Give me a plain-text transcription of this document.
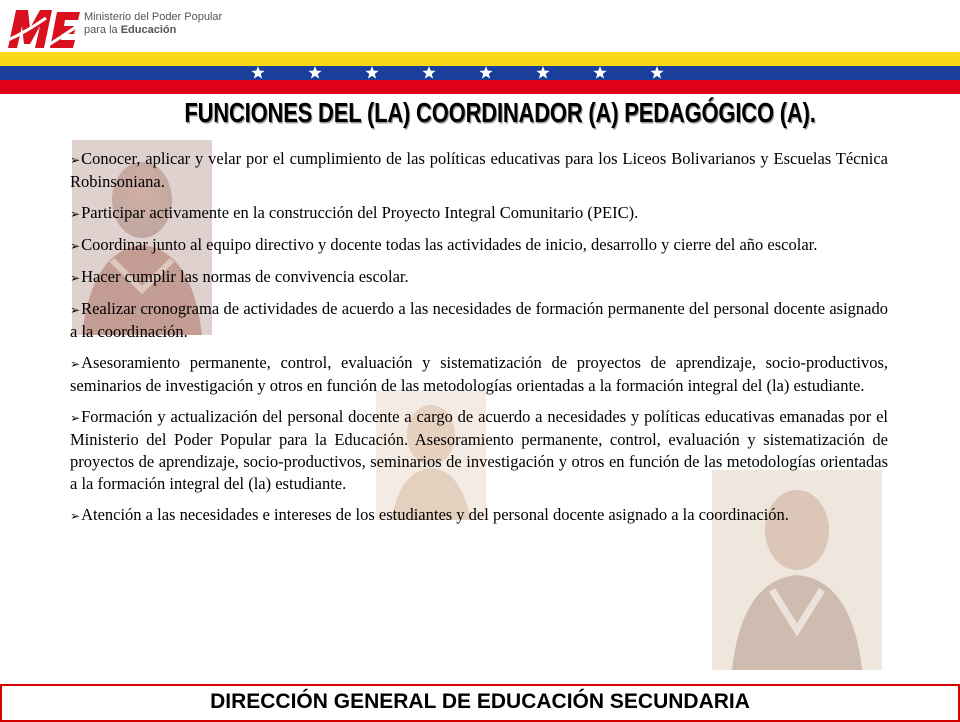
Ministerio del Poder Popular
para la Educación
FUNCIONES DEL (LA) COORDINADOR (A) PEDAGÓGICO (A).
➢Conocer, aplicar y velar por el cumplimiento de las políticas educativas para los Liceos Bolivarianos y Escuelas Técnica Robinsoniana.
➢Participar activamente en la construcción del Proyecto Integral Comunitario (PEIC).
➢Coordinar junto al equipo directivo y docente todas las actividades de inicio, desarrollo y cierre del año escolar.
➢Hacer cumplir las normas de convivencia escolar.
➢Realizar cronograma de actividades de acuerdo a las necesidades de formación permanente del personal docente asignado a la coordinación.
➢Asesoramiento permanente, control, evaluación y sistematización de proyectos de aprendizaje, socio-productivos, seminarios de investigación y otros en función de las metodologías orientadas a la formación integral del (la) estudiante.
➢Formación y actualización del personal docente a cargo de acuerdo a necesidades y políticas educativas emanadas por el Ministerio del Poder Popular para la Educación. Asesoramiento permanente, control, evaluación y sistematización de proyectos de aprendizaje, socio-productivos, seminarios de investigación y otros en función de las metodologías orientadas a la formación integral del (la) estudiante.
➢Atención a las necesidades e intereses de los estudiantes y del personal docente asignado a la coordinación.
DIRECCIÓN GENERAL DE EDUCACIÓN SECUNDARIA
